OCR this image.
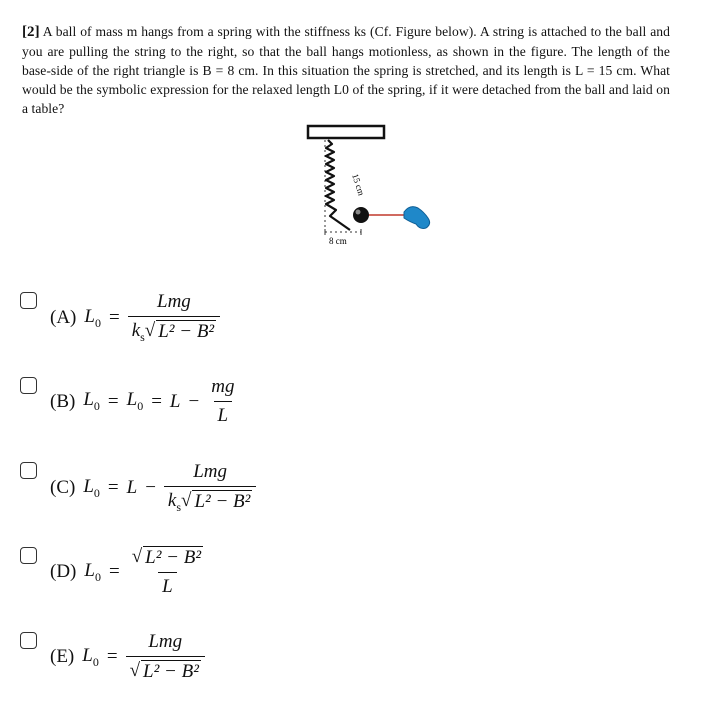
[2] A ball of mass m hangs from a spring with the stiffness ks (Cf. Figure below). A string is attached to the ball and you are pulling the string to the right, so that the ball hangs motionless, as shown in the figure. The length of the base-side of the right triangle is B = 8 cm. In this situation the spring is stretched, and its length is L = 15 cm. What would be the symbolic expression for the relaxed length L0 of the spring, if it were detached from the ball and laid on a table?
15 cm
8 cm
(A) $L_0 = \frac{\text{Lmg}}{k_s √ L^2 - B^2}$
(B) $L_0 = L_0 = L - \frac{mg}{L}$
(C) $L_0 = L - \frac{\text{Lmg}}{k_s √ L^2 - B^2}$
(D) $L_0 = \frac{\text{√ L² − B²}}{L}$
(E) $L_0 = \frac{\text{Lmg}}{\text{√ L² − B²}}$
